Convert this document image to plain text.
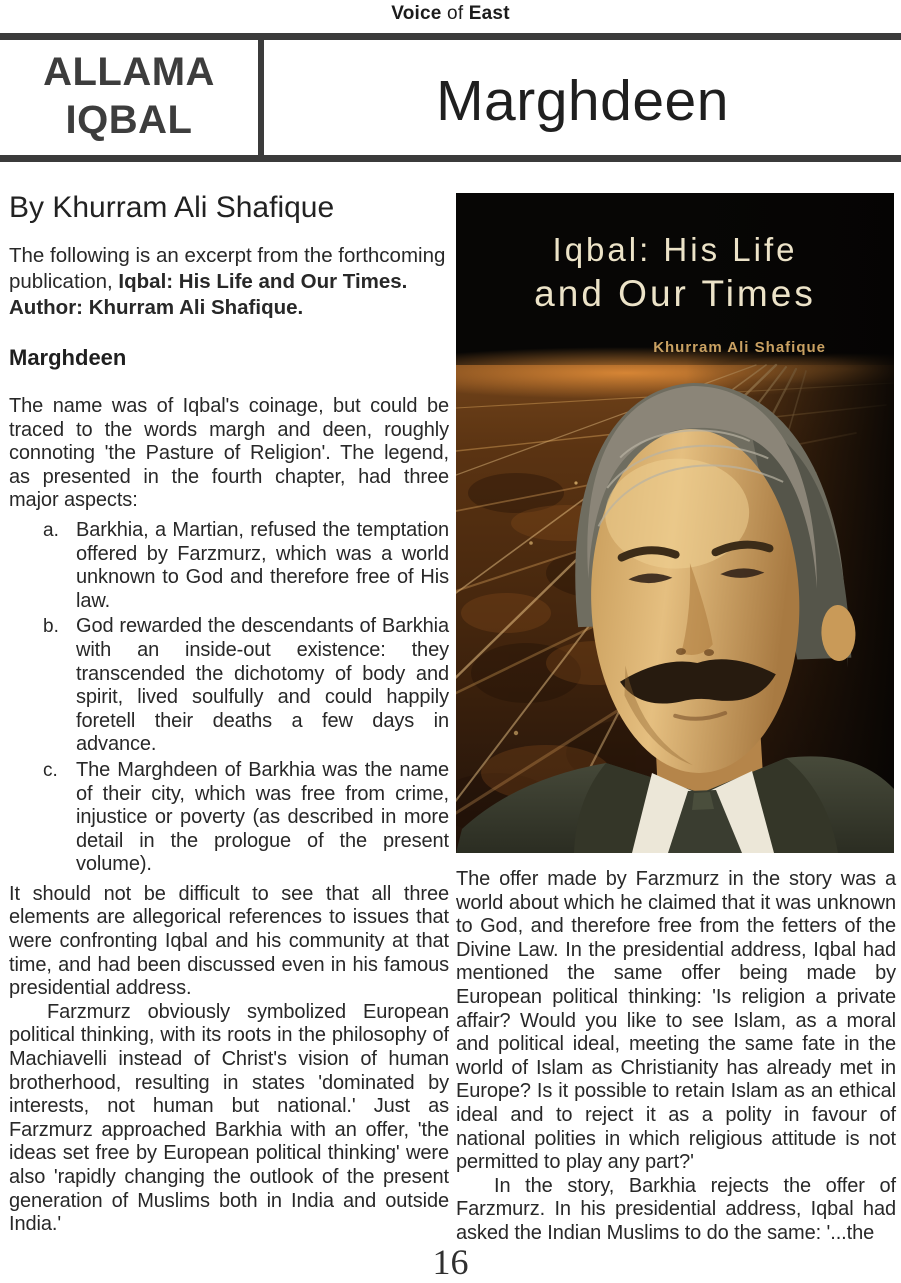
Voice of East
ALLAMA
IQBAL	Marghdeen
By Khurram Ali Shafique
The following is an excerpt from the forthcoming publication, Iqbal: His Life and Our Times. Author: Khurram Ali Shafique.
Marghdeen
The name was of Iqbal's coinage, but could be traced to the words margh and deen, roughly connoting 'the Pasture of Religion'. The legend, as presented in the fourth chapter, had three major aspects:
a. Barkhia, a Martian, refused the temptation offered by Farzmurz, which was a world unknown to God and therefore free of His law.
b. God rewarded the descendants of Barkhia with an inside-out existence: they transcended the dichotomy of body and spirit, lived soulfully and could happily foretell their deaths a few days in advance.
c. The Marghdeen of Barkhia was the name of their city, which was free from crime, injustice or poverty (as described in more detail in the prologue of the present volume).
It should not be difficult to see that all three elements are allegorical references to issues that were confronting Iqbal and his community at that time, and had been discussed even in his famous presidential address.
Farzmurz obviously symbolized European political thinking, with its roots in the philosophy of Machiavelli instead of Christ's vision of human brotherhood, resulting in states 'dominated by interests, not human but national.' Just as Farzmurz approached Barkhia with an offer, 'the ideas set free by European political thinking' were also 'rapidly changing the outlook of the present generation of Muslims both in India and outside India.'
Iqbal: His Life
and Our Times
Khurram Ali Shafique
The offer made by Farzmurz in the story was a world about which he claimed that it was unknown to God, and therefore free from the fetters of the Divine Law. In the presidential address, Iqbal had mentioned the same offer being made by European political thinking: 'Is religion a private affair? Would you like to see Islam, as a moral and political ideal, meeting the same fate in the world of Islam as Christianity has already met in Europe? Is it possible to retain Islam as an ethical ideal and to reject it as a polity in favour of national polities in which religious attitude is not permitted to play any part?'
In the story, Barkhia rejects the offer of Farzmurz. In his presidential address, Iqbal had asked the Indian Muslims to do the same: '...the
16
